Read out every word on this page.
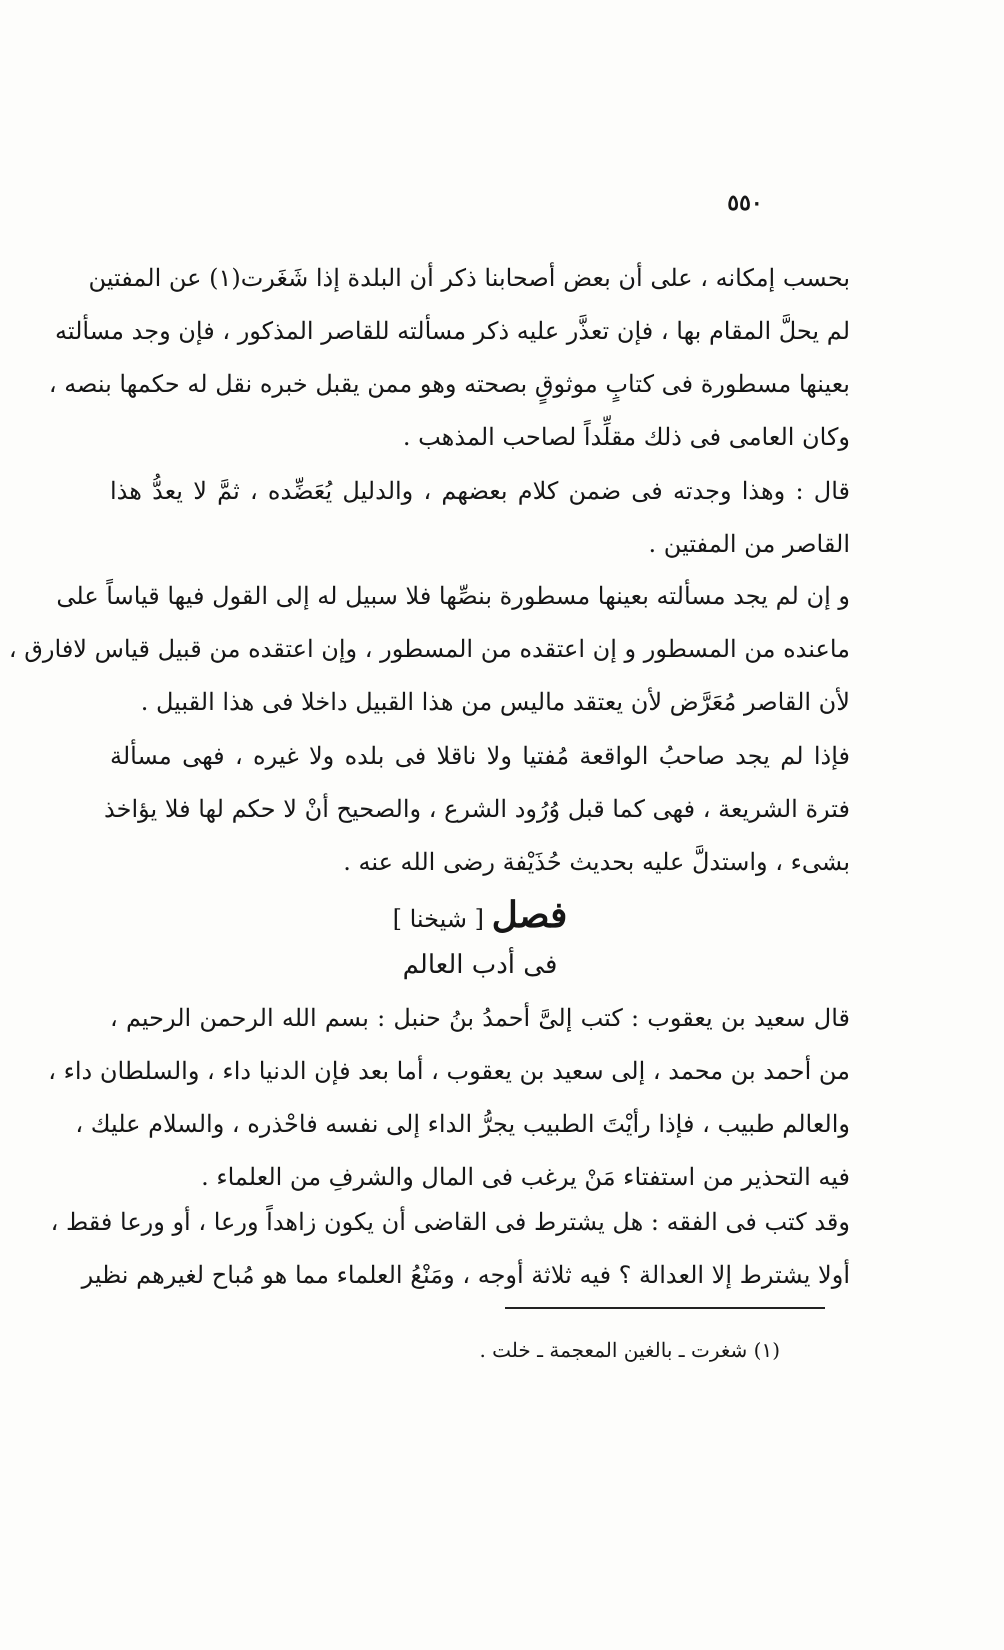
٥٥٠
بحسب إمكانه ، على أن بعض أصحابنا ذكر أن البلدة إذا شَغَرت(١) عن المفتين
لم يحلَّ المقام بها ، فإن تعذَّر عليه ذكر مسألته للقاصر المذكور ، فإن وجد مسألته
بعينها مسطورة فى كتابٍ موثوقٍ بصحته وهو ممن يقبل خبره نقل له حكمها بنصه ،
وكان العامى فى ذلك مقلِّداً لصاحب المذهب .
قال : وهذا وجدته فى ضمن كلام بعضهم ، والدليل يُعَضِّده ، ثمَّ لا يعدُّ هذا
القاصر من المفتين .
و إن لم يجد مسألته بعينها مسطورة بنصِّها فلا سبيل له إلى القول فيها قياساً على
ماعنده من المسطور و إن اعتقده من المسطور ، وإن اعتقده من قبيل قياس لافارق ،
لأن القاصر مُعَرَّض لأن يعتقد ماليس من هذا القبيل داخلا فى هذا القبيل .
فإذا لم يجد صاحبُ الواقعة مُفتيا ولا ناقلا فى بلده ولا غيره ، فهى مسألة
فترة الشريعة ، فهى كما قبل وُرُود الشرع ، والصحيح أنْ لا حكم لها فلا يؤاخذ
بشىء ، واستدلَّ عليه بحديث حُذَيْفة رضى الله عنه .
فصل [ شيخنا ]
فى أدب العالم
قال سعيد بن يعقوب : كتب إلىَّ أحمدُ بنُ حنبل : بسم الله الرحمن الرحيم ،
من أحمد بن محمد ، إلى سعيد بن يعقوب ، أما بعد فإن الدنيا داء ، والسلطان داء ،
والعالم طبيب ، فإذا رأيْتَ الطبيب يجرُّ الداء إلى نفسه فاحْذره ، والسلام عليك ،
فيه التحذير من استفتاء مَنْ يرغب فى المال والشرفِ من العلماء .
وقد كتب فى الفقه : هل يشترط فى القاضى أن يكون زاهداً ورعا ، أو ورعا فقط ،
أولا يشترط إلا العدالة ؟ فيه ثلاثة أوجه ، ومَنْعُ العلماء مما هو مُباح لغيرهم نظير
(١) شغرت ـ بالغين المعجمة ـ خلت .
